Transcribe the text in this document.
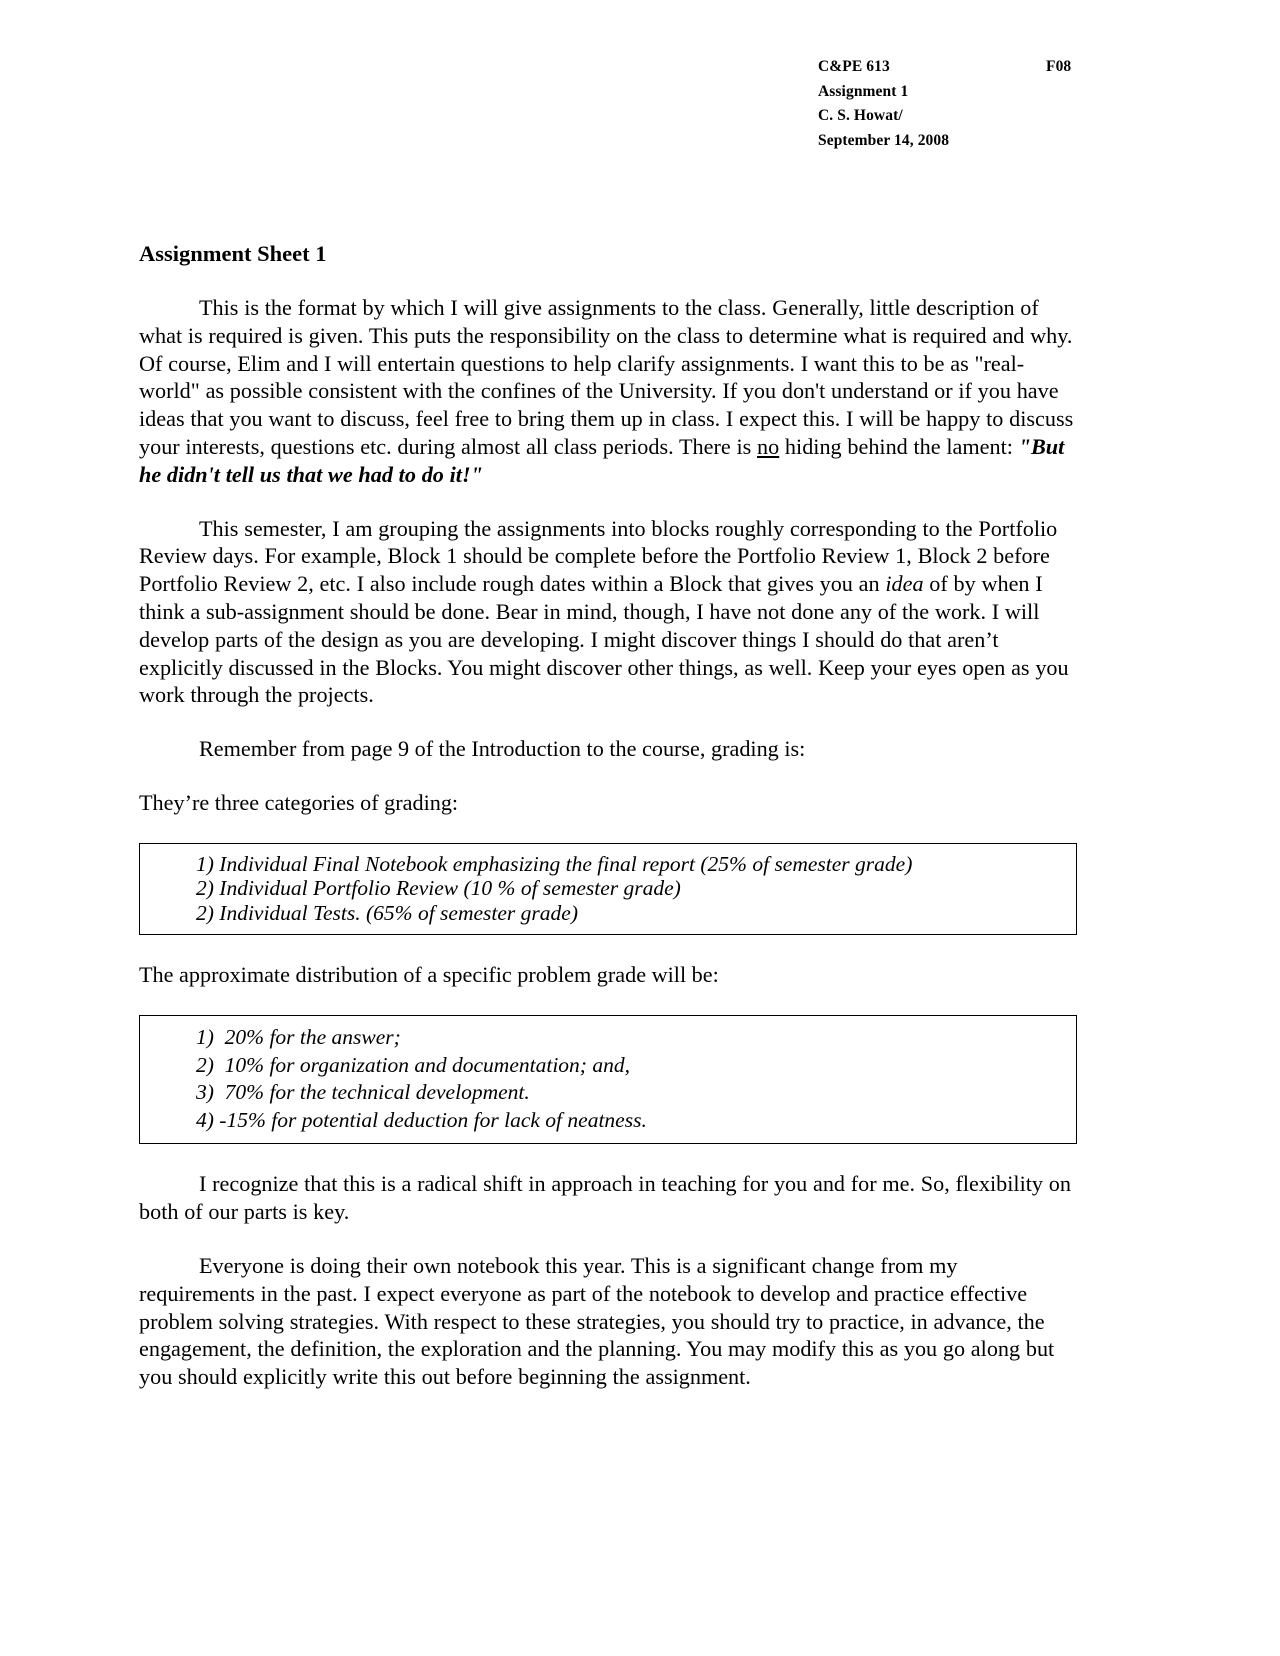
C&PE 613	F08
Assignment 1
C. S. Howat/
September 14, 2008
Assignment Sheet 1

This is the format by which I will give assignments to the class. Generally, little description of what is required is given. This puts the responsibility on the class to determine what is required and why. Of course, Elim and I will entertain questions to help clarify assignments. I want this to be as "real-world" as possible consistent with the confines of the University. If you don't understand or if you have ideas that you want to discuss, feel free to bring them up in class. I expect this. I will be happy to discuss your interests, questions etc. during almost all class periods. There is no hiding behind the lament: "But he didn't tell us that we had to do it!"

This semester, I am grouping the assignments into blocks roughly corresponding to the Portfolio Review days. For example, Block 1 should be complete before the Portfolio Review 1, Block 2 before Portfolio Review 2, etc. I also include rough dates within a Block that gives you an idea of by when I think a sub-assignment should be done. Bear in mind, though, I have not done any of the work. I will develop parts of the design as you are developing. I might discover things I should do that aren’t explicitly discussed in the Blocks. You might discover other things, as well. Keep your eyes open as you work through the projects.

Remember from page 9 of the Introduction to the course, grading is:
They’re three categories of grading:
1) Individual Final Notebook emphasizing the final report (25% of semester grade)
2) Individual Portfolio Review (10 % of semester grade)
2) Individual Tests. (65% of semester grade)
The approximate distribution of a specific problem grade will be:
1)  20% for the answer;
2)  10% for organization and documentation; and,
3)  70% for the technical development.
4) -15% for potential deduction for lack of neatness.

I recognize that this is a radical shift in approach in teaching for you and for me. So, flexibility on both of our parts is key.

Everyone is doing their own notebook this year. This is a significant change from my requirements in the past. I expect everyone as part of the notebook to develop and practice effective problem solving strategies. With respect to these strategies, you should try to practice, in advance, the engagement, the definition, the exploration and the planning. You may modify this as you go along but you should explicitly write this out before beginning the assignment.
